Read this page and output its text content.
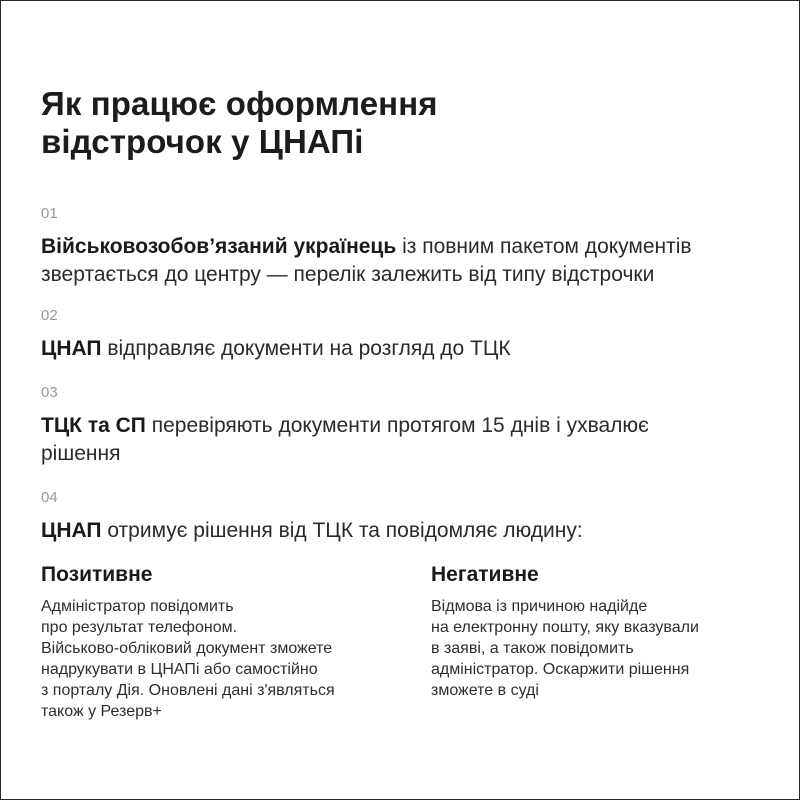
Як працює оформлення
відстрочок у ЦНАПі
01
Військовозобов’язаний українець із повним пакетом документів
звертається до центру — перелік залежить від типу відстрочки
02
ЦНАП відправляє документи на розгляд до ТЦК
03
ТЦК та СП перевіряють документи протягом 15 днів і ухвалює
рішення
04
ЦНАП отримує рішення від ТЦК та повідомляє людину:
Позитивне
Адміністратор повідомить
про результат телефоном.
Військово-обліковий документ зможете
надрукувати в ЦНАПі або самостійно
з порталу Дія. Оновлені дані з'являться
також у Резерв+
Негативне
Відмова із причиною надійде
на електронну пошту, яку вказували
в заяві, а також повідомить
адміністратор. Оскаржити рішення
зможете в суді
